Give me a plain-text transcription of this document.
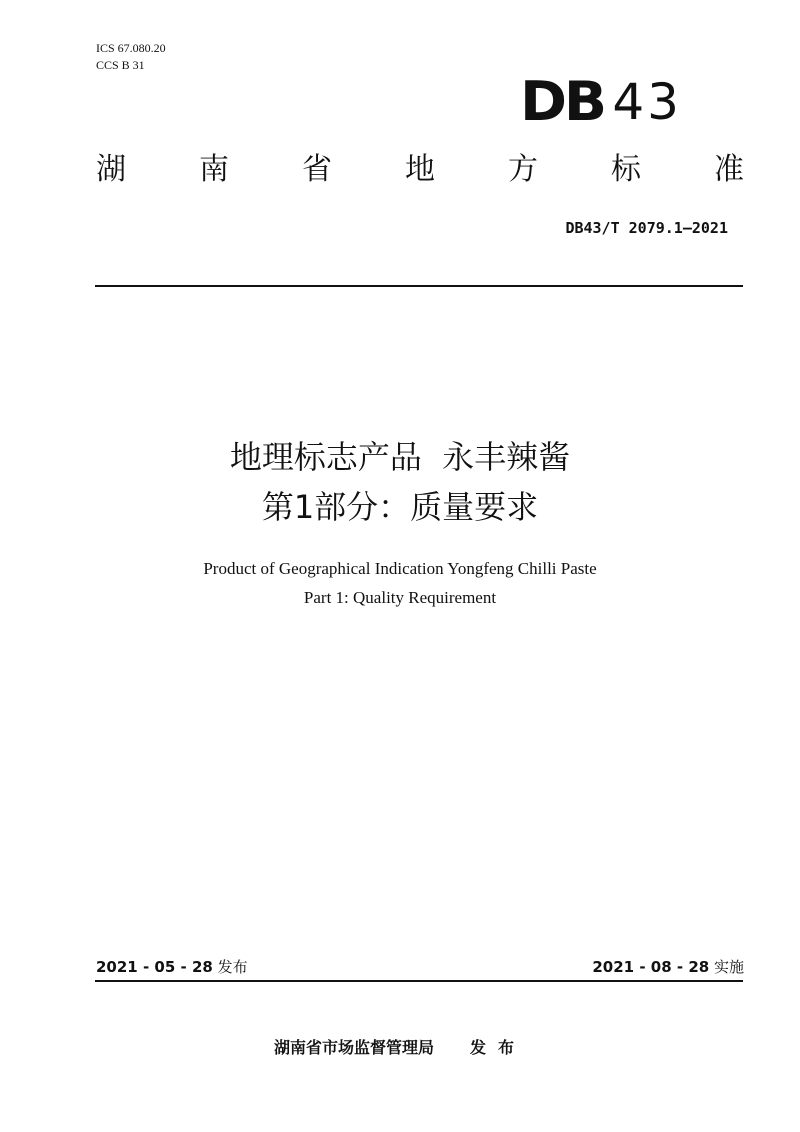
ICS 67.080.20
CCS B 31
DB 43
湖 南 省 地 方 标 准
DB43/T 2079.1—2021
地理标志产品  永丰辣酱
第1部分：质量要求
Product of Geographical Indication Yongfeng Chilli Paste
Part 1: Quality Requirement
2021 - 05 - 28 发布	2021 - 08 - 28 实施
湖南省市场监督管理局 发布
